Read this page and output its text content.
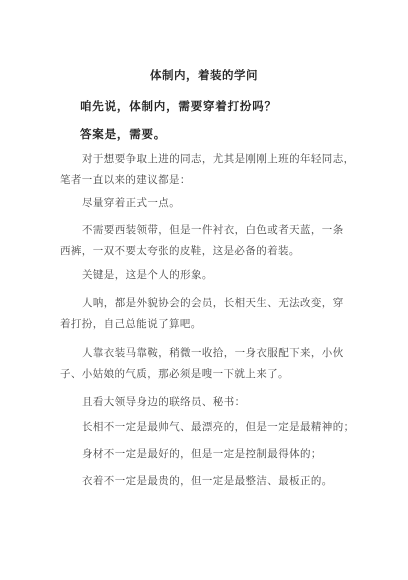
体制内，着装的学问
咱先说，体制内，需要穿着打扮吗？
答案是，需要。
对于想要争取上进的同志，尤其是刚刚上班的年轻同志，
笔者一直以来的建议都是：
尽量穿着正式一点。
不需要西装领带，但是一件衬衣，白色或者天蓝，一条
西裤，一双不要太夸张的皮鞋，这是必备的着装。
关键是，这是个人的形象。
人呐，都是外貌协会的会员，长相天生、无法改变，穿
着打扮，自己总能说了算吧。
人靠衣装马靠鞍，稍微一收拾，一身衣服配下来，小伙
子、小姑娘的气质，那必须是嗖一下就上来了。
且看大领导身边的联络员、秘书：
长相不一定是最帅气、最漂亮的，但是一定是最精神的；
身材不一定是最好的，但是一定是控制最得体的；
衣着不一定是最贵的，但一定是最整洁、最板正的。
